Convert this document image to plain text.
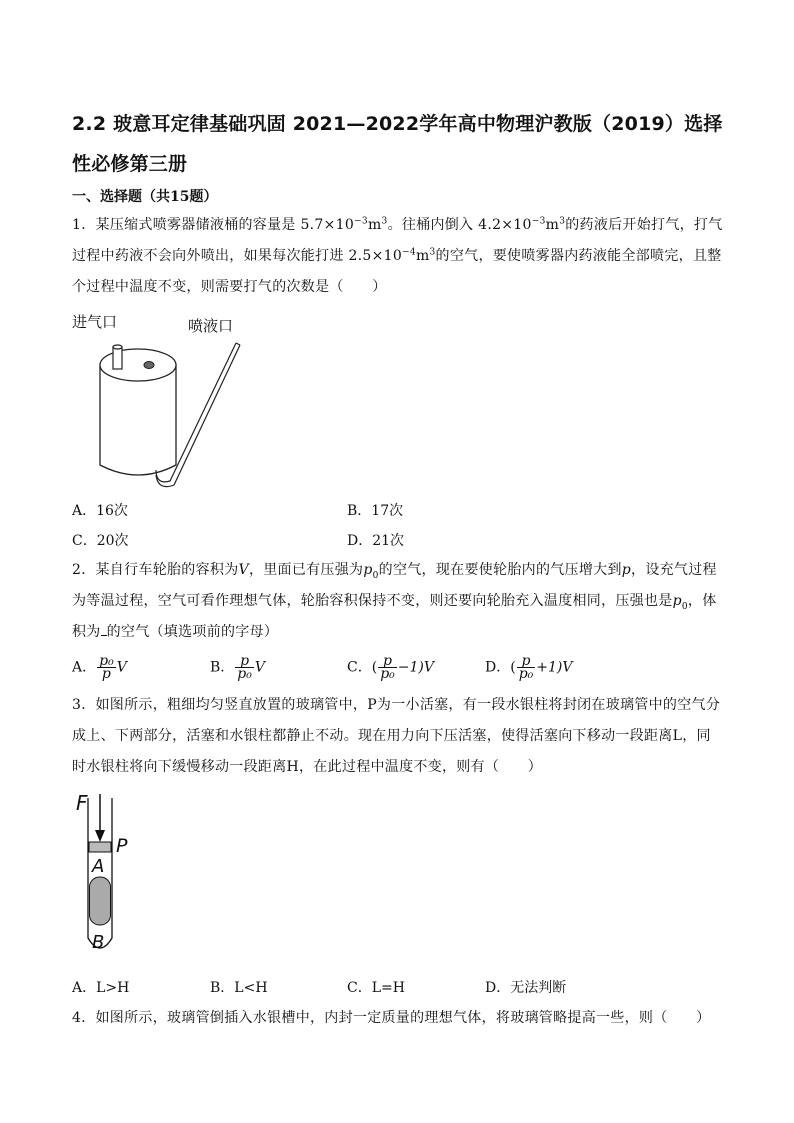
2.2 玻意耳定律基础巩固 2021—2022学年高中物理沪教版（2019）选择性必修第三册
一、选择题（共15题）
1．某压缩式喷雾器储液桶的容量是 $5.7\times 10^{-3}m^3$。往桶内倒入 $4.2\times 10^{-3}m^3$的药液后开始打气，打气过程中药液不会向外喷出，如果每次能打进 $2.5\times 10^{-4}m^3$的空气，要使喷雾器内药液能全部喷完，且整个过程中温度不变，则需要打气的次数是（　　）
进气口	喷液口
A．16次	B．17次
C．20次	D．21次
2．某自行车轮胎的容积为V，里面已有压强为$p_0$的空气，现在要使轮胎内的气压增大到p，设充气过程为等温过程，空气可看作理想气体，轮胎容积保持不变，则还要向轮胎充入温度相同，压强也是$p_0$，体积为 的空气（填选项前的字母）
A． $\frac{\text{p₀}}{p}$ V	B． $\frac{p}{\text{p₀}}$ V	C．( $\frac{p}{\text{p₀}} -1)V$	D．( $\frac{p}{\text{p₀}} +1)V$
3．如图所示，粗细均匀竖直放置的玻璃管中，P为一小活塞，有一段水银柱将封闭在玻璃管中的空气分成上、下两部分，活塞和水银柱都静止不动。现在用力向下压活塞，使得活塞向下移动一段距离L，同时水银柱将向下缓慢移动一段距离H，在此过程中温度不变，则有（　　）
F
P
A
B
A．L>H	B．L<H	C．L=H	D．无法判断
4．如图所示，玻璃管倒插入水银槽中，内封一定质量的理想气体，将玻璃管略提高一些，则（　　）
